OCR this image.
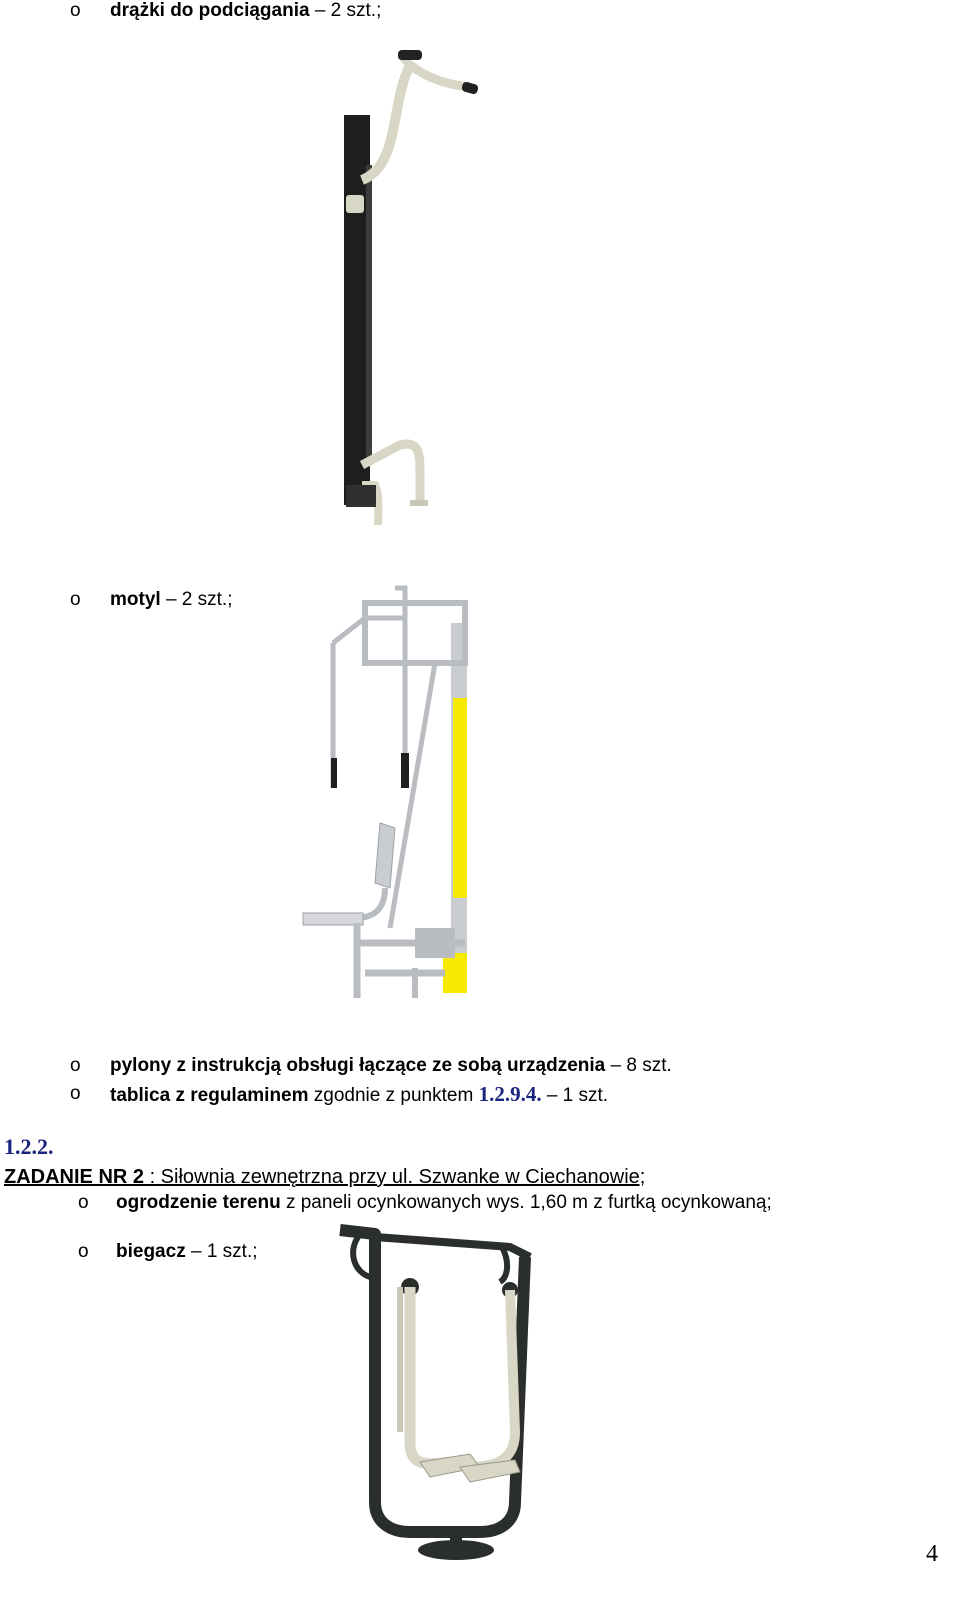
o drążki do podciągania – 2 szt.;
o motyl – 2 szt.;
o pylony z instrukcją obsługi łączące ze sobą urządzenia – 8 szt.
o tablica z regulaminem zgodnie z punktem 1.2.9.4. – 1 szt.
1.2.2.
ZADANIE NR 2 : Siłownia zewnętrzna przy ul. Szwanke w Ciechanowie;
o ogrodzenie terenu z paneli ocynkowanych wys. 1,60 m z furtką ocynkowaną;
o biegacz – 1 szt.;
4
